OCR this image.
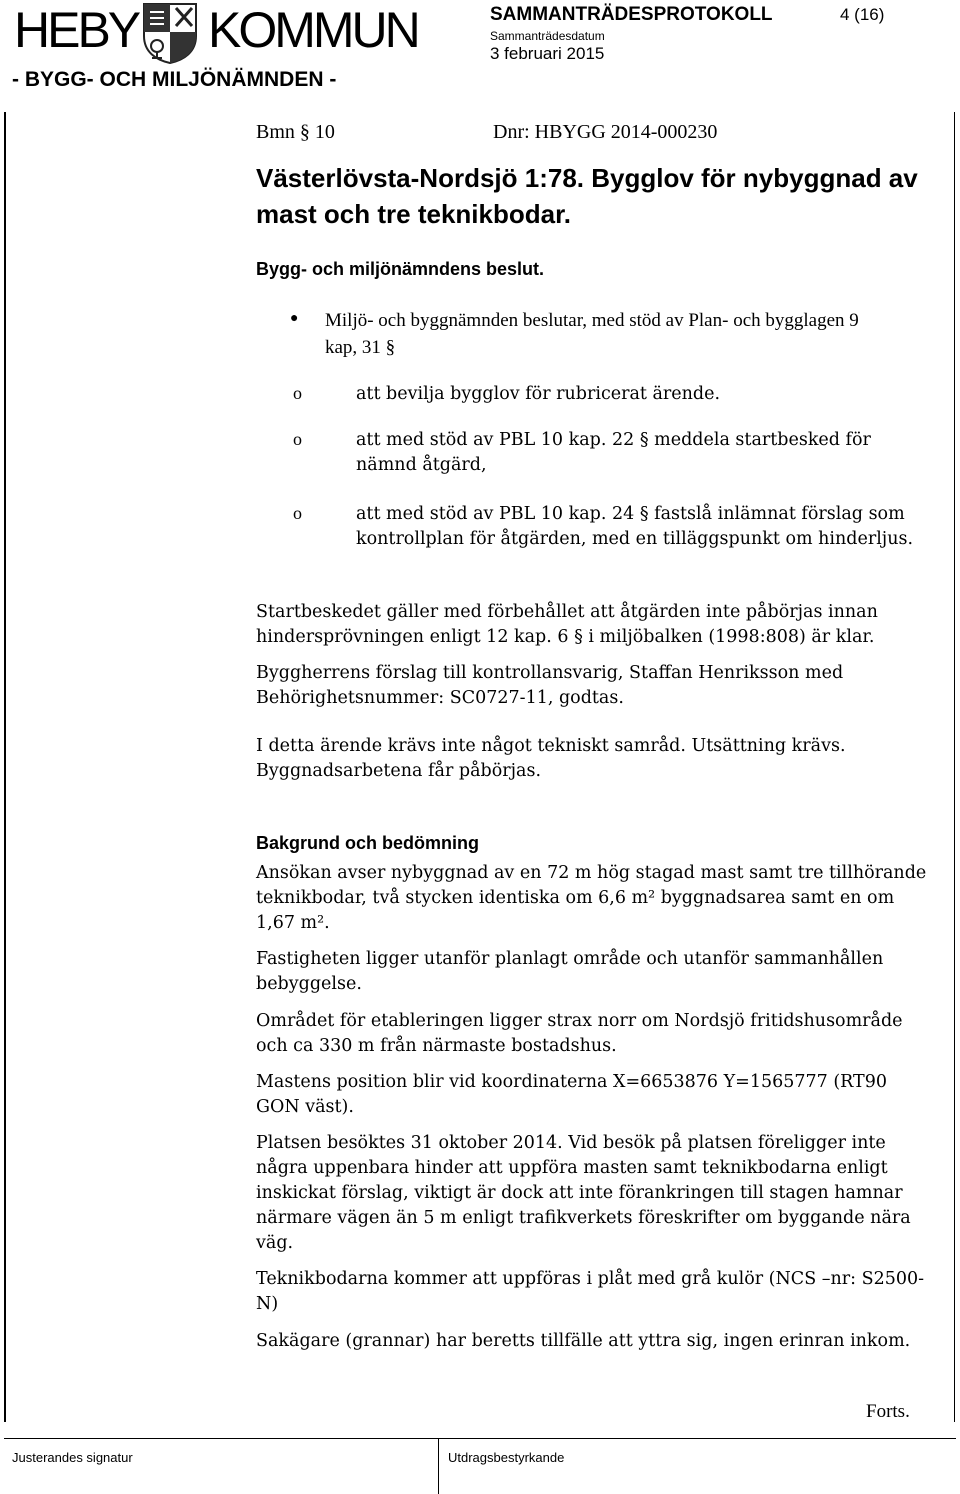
HEBY KOMMUN
- BYGG- OCH MILJÖNÄMNDEN -
SAMMANTRÄDESPROTOKOLL
Sammanträdesdatum
3 februari 2015
4 (16)
Bmn § 10	Dnr: HBYGG 2014-000230
Västerlövsta-Nordsjö 1:78. Bygglov för nybyggnad av mast och tre teknikbodar.
Bygg- och miljönämndens beslut.
● Miljö- och byggnämnden beslutar, med stöd av Plan- och bygglagen 9 kap, 31 §
o	att bevilja bygglov för rubricerat ärende.
o	att med stöd av PBL 10 kap. 22 § meddela startbesked för nämnd åtgärd,
o	att med stöd av PBL 10 kap. 24 § fastslå inlämnat förslag som kontrollplan för åtgärden, med en tilläggspunkt om hinderljus.
Startbeskedet gäller med förbehållet att åtgärden inte påbörjas innan hindersprövningen enligt 12 kap. 6 § i miljöbalken (1998:808) är klar.
Byggherrens förslag till kontrollansvarig, Staffan Henriksson med Behörighetsnummer: SC0727-11, godtas.
I detta ärende krävs inte något tekniskt samråd. Utsättning krävs. Byggnadsarbetena får påbörjas.
Bakgrund och bedömning
Ansökan avser nybyggnad av en 72 m hög stagad mast samt tre tillhörande teknikbodar, två stycken identiska om 6,6 m² byggnadsarea samt en om 1,67 m².
Fastigheten ligger utanför planlagt område och utanför sammanhållen bebyggelse.
Området för etableringen ligger strax norr om Nordsjö fritidshusområde och ca 330 m från närmaste bostadshus.
Mastens position blir vid koordinaterna X=6653876 Y=1565777 (RT90 GON väst).
Platsen besöktes 31 oktober 2014. Vid besök på platsen föreligger inte några uppenbara hinder att uppföra masten samt teknikbodarna enligt inskickat förslag, viktigt är dock att inte förankringen till stagen hamnar närmare vägen än 5 m enligt trafikverkets föreskrifter om byggande nära väg.
Teknikbodarna kommer att uppföras i plåt med grå kulör (NCS –nr: S2500-N)
Sakägare (grannar) har beretts tillfälle att yttra sig, ingen erinran inkom.
Forts.
Justerandes signatur	Utdragsbestyrkande
